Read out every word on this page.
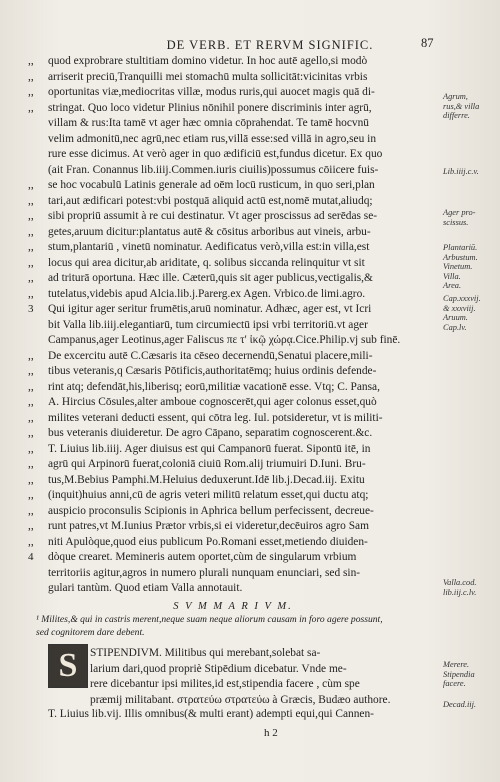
DE VERB. ET RERVM SIGNIFIC.	87
,, quod exprobrare stultitiam domino videtur. In hoc autē agello,si modò
,, arriserit preciū,Tranquilli mei stomachū multa sollicitāt:vicinitas vrbis
,, oportunitas viæ,mediocritas villæ, modus ruris,qui auocet magis quā di-
,, stringat. Quo loco videtur Plinius nōnihil ponere discriminis inter agrū,
villam & rus:Ita tamē vt ager hæc omnia cōprahendat. Te tamē hocvnū
velim admonitū,nec agrū,nec etiam rus,villā esse:sed villā in agro,seu in
rure esse dicimus. At verò ager in quo ædificiū est,fundus dicetur. Ex quo
(ait Fran. Conannus lib.iiij.Commen.iuris ciuilis)possumus cōiicere fuis-
,, se hoc vocabulū Latinis generale ad oēm locū rusticum, in quo seri,plan
,, tari,aut ædificari potest:vbi postquā aliquid actū est,nomē mutat,aliudq;
,, sibi propriū assumit à re cui destinatur. Vt ager proscissus ad serēdas se-
,, getes,aruum dicitur:plantatus autē & cōsitus arboribus aut vineis, arbu-
,, stum,plantariū , vinetū nominatur. Aedificatus verò,villa est:in villa,est
,, locus qui area dicitur,ab ariditate, q. solibus siccanda relinquitur vt sit
,, ad triturā oportuna. Hæc ille. Cæterū,quis sit ager publicus,vectigalis,&
,, tutelatus,videbis apud Alcia.lib.j.Parerg.ex Agen. Vrbico.de limi.agro.
3 Qui igitur ager seritur frumētis,aruū nominatur. Adhæc, ager est, vt Icri
bit Valla lib.iiij.elegantiarū, tum circumiectū ipsi vrbi territoriū.vt ager
Campanus,ager Leotinus,ager Faliscus πε τ' ἰκῷ χώρᾳ.Cice.Philip.vj sub finē.
,, De excercitu autē C.Cæsaris ita cēseo decernendū,Senatui placere,mili-
,, tibus veteranis,q Cæsaris Pōtificis,authoritatēmq; huius ordinis defende-
,, rint atq; defendāt,his,liberisq; eorū,militiæ vacationē esse. Vtq; C. Pansa,
,, A. Hircius Cōsules,alter amboue cognoscerēt,qui ager colonus esset,quò
,, milites veterani deducti essent, qui cōtra leg. Iul. potsideretur, vt is militi-
,, bus veteranis diuideretur. De agro Cāpano, separatim cognoscerent.&c.
,, T. Liuius lib.iiij. Ager diuisus est qui Campanorū fuerat. Sipontū itē, in
,, agrū qui Arpinorū fuerat,coloniā ciuiū Rom.alij triumuiri D.Iuni. Bru-
,, tus,M.Bebius Pamphi.M.Heluius deduxerunt.Idē lib.j.Decad.iij. Exitu
,, (inquit)huius anni,cū de agris veteri militū relatum esset,qui ductu atq;
,, auspicio proconsulis Scipionis in Aphrica bellum perfecissent, decreue-
,, runt patres,vt M.Iunius Prætor vrbis,si ei videretur,decēuiros agro Sam
,, niti Apulòque,quod eius publicum Po.Romani esset,metiendo diuiden-
4 dòque crearet. Memineris autem oportet,cùm de singularum vrbium
territoriis agitur,agros in numero plurali nunquam enunciari, sed sin-
gulari tantùm. Quod etiam Valla annotauit.
S V M M A R I V M.
¹ Milites,& qui in castris merent,neque suam neque aliorum causam in foro agere possunt,
sed cognitorem dare debent.
S STIPENDIVM. Militibus qui merebant,solebat sa-
larium dari,quod propriè Stipēdium dicebatur. Vnde me-
rere dicebantur ipsi milites,id est,stipendia facere , cùm spe
præmij militabant. στρατεύω στρατεύω à Græcis, Budæo authore.
T. Liuius lib.vij. Illis omnibus(& multi erant) adempti equi,qui Cannen-
h 2
Agrum,
rus,& villa
differre.
Lib.iiij.c.v.
Ager pro-
scissus.
Plantariū.
Arbustum.
Vinetum.
Villa.
Area.
Cap.xxxvij.
& xxxviij.
Aruum.
Cap.lv.
Valla.cod.
lib.iij.c.lv.
Merere.
Stipendia
facere.
Decad.iij.
